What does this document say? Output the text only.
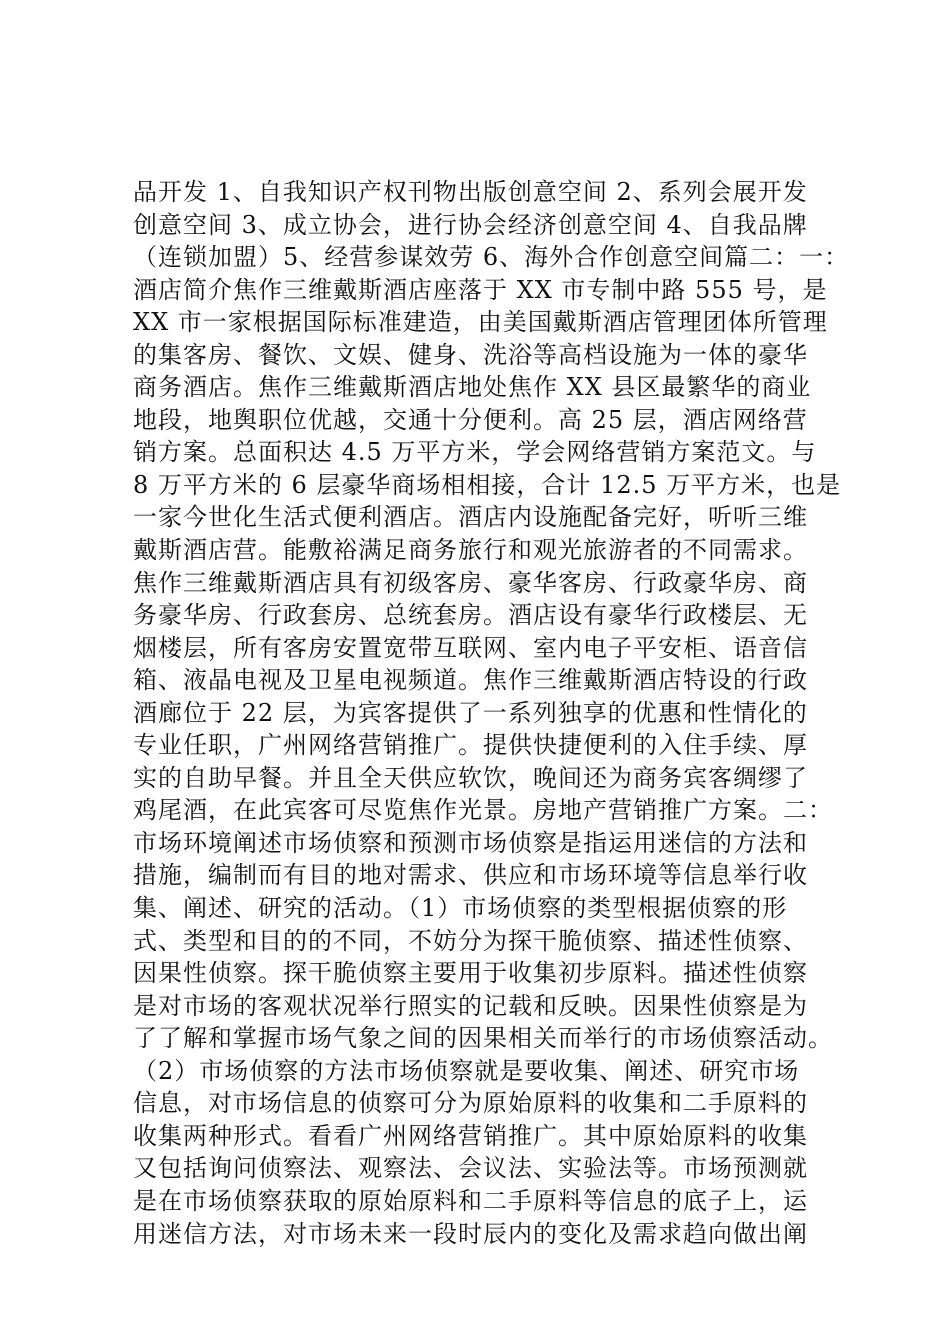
品开发 1、自我知识产权刊物出版创意空间 2、系列会展开发
创意空间 3、成立协会，进行协会经济创意空间 4、自我品牌
（连锁加盟）5、经营参谋效劳 6、海外合作创意空间篇二：一：
酒店简介焦作三维戴斯酒店座落于 XX 市专制中路 555 号，是
XX 市一家根据国际标准建造，由美国戴斯酒店管理团体所管理
的集客房、餐饮、文娱、健身、洗浴等高档设施为一体的豪华
商务酒店。焦作三维戴斯酒店地处焦作 XX 县区最繁华的商业
地段，地舆职位优越，交通十分便利。高 25 层，酒店网络营
销方案。总面积达 4.5 万平方米，学会网络营销方案范文。与
8 万平方米的 6 层豪华商场相相接，合计 12.5 万平方米，也是
一家今世化生活式便利酒店。酒店内设施配备完好，听听三维
戴斯酒店营。能敷裕满足商务旅行和观光旅游者的不同需求。
焦作三维戴斯酒店具有初级客房、豪华客房、行政豪华房、商
务豪华房、行政套房、总统套房。酒店设有豪华行政楼层、无
烟楼层，所有客房安置宽带互联网、室内电子平安柜、语音信
箱、液晶电视及卫星电视频道。焦作三维戴斯酒店特设的行政
酒廊位于 22 层，为宾客提供了一系列独享的优惠和性情化的
专业任职，广州网络营销推广。提供快捷便利的入住手续、厚
实的自助早餐。并且全天供应软饮，晚间还为商务宾客绸缪了
鸡尾酒，在此宾客可尽览焦作光景。房地产营销推广方案。二：
市场环境阐述市场侦察和预测市场侦察是指运用迷信的方法和
措施，编制而有目的地对需求、供应和市场环境等信息举行收
集、阐述、研究的活动。（1）市场侦察的类型根据侦察的形
式、类型和目的的不同，不妨分为探干脆侦察、描述性侦察、
因果性侦察。探干脆侦察主要用于收集初步原料。描述性侦察
是对市场的客观状况举行照实的记载和反映。因果性侦察是为
了了解和掌握市场气象之间的因果相关而举行的市场侦察活动。
（2）市场侦察的方法市场侦察就是要收集、阐述、研究市场
信息，对市场信息的侦察可分为原始原料的收集和二手原料的
收集两种形式。看看广州网络营销推广。其中原始原料的收集
又包括询问侦察法、观察法、会议法、实验法等。市场预测就
是在市场侦察获取的原始原料和二手原料等信息的底子上，运
用迷信方法，对市场未来一段时辰内的变化及需求趋向做出阐
